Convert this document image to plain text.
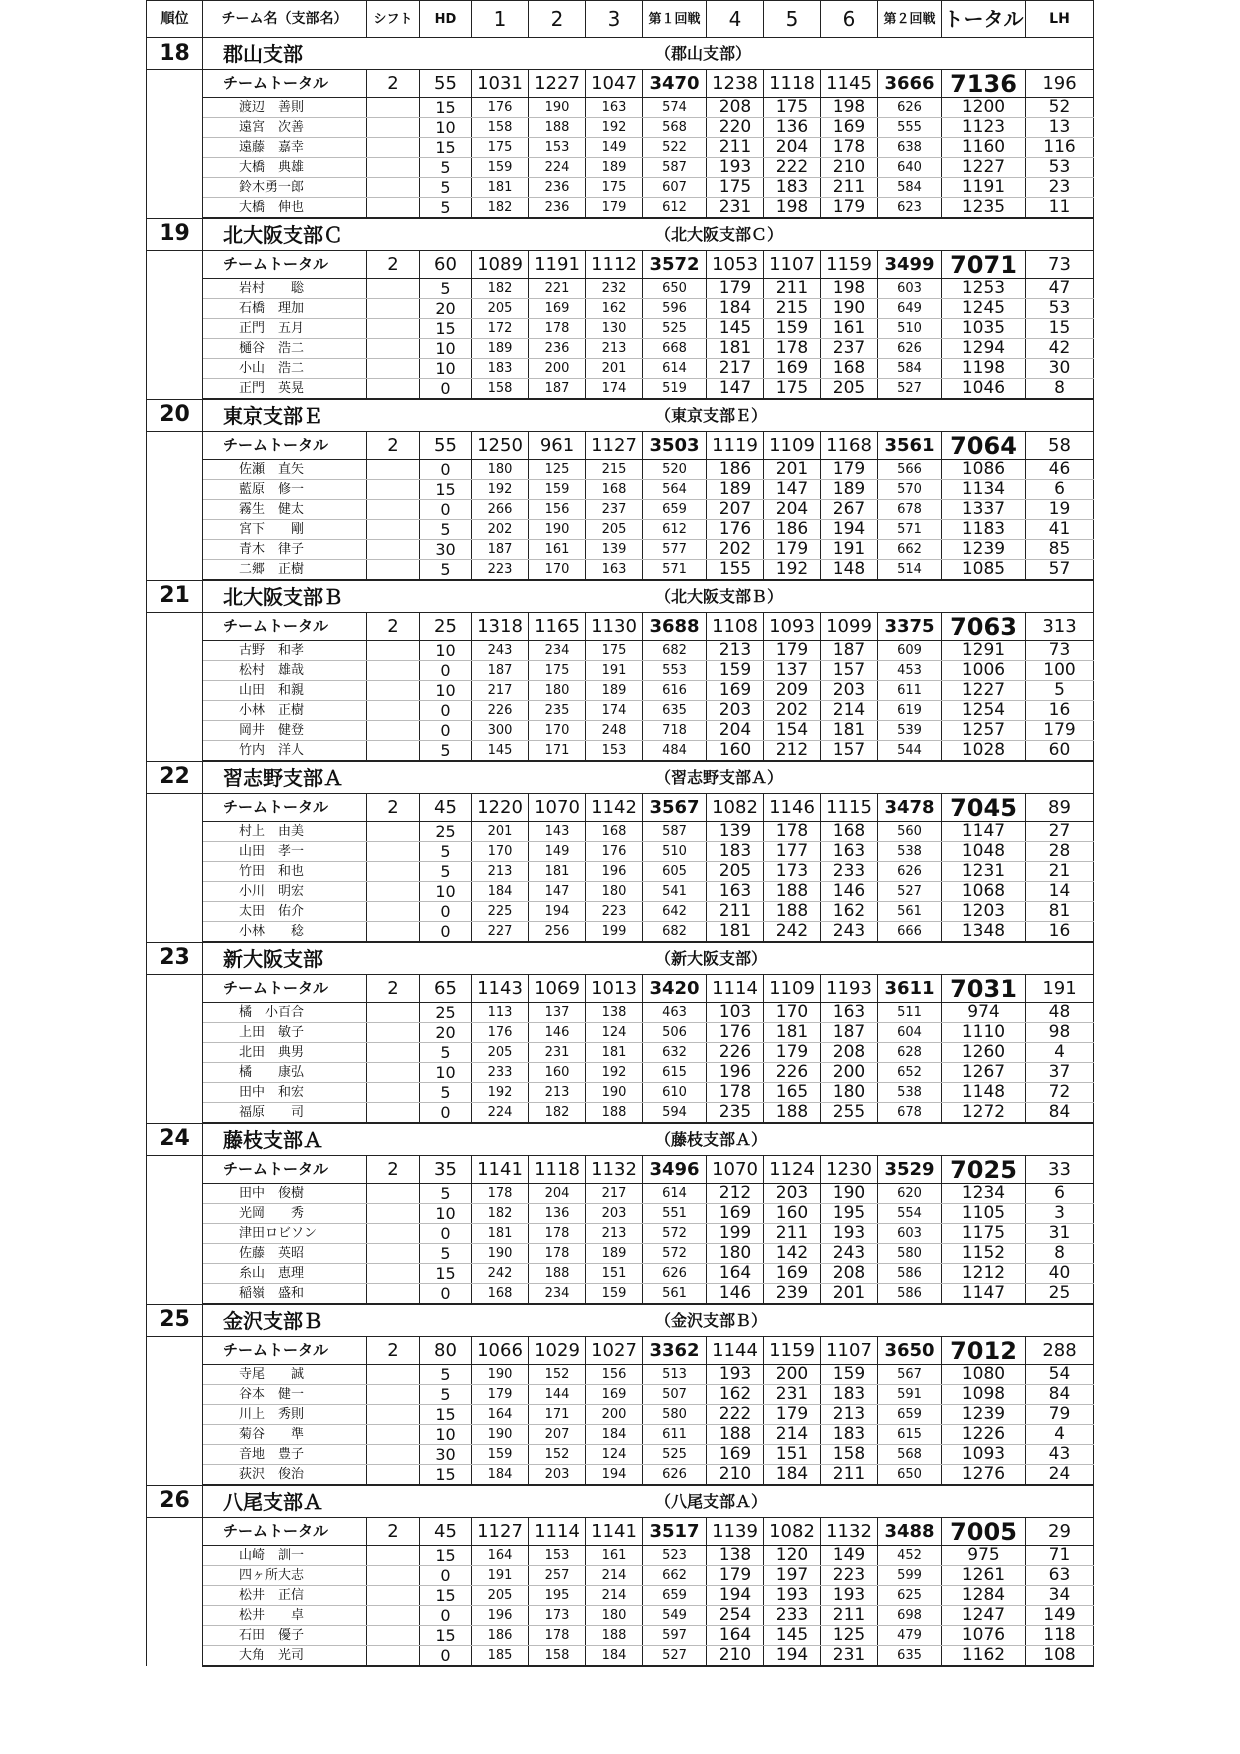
順位	チーム名（支部名）	シフト	HD	1	2	3	第１回戦	4	5	6	第２回戦	トータル	LH
18	郡山支部 （郡山支部）												

	チームトータル	2	55	1031	1227	1047	3470	1238	1118	1145	3666	7136	196
	渡辺　善則		15	176	190	163	574	208	175	198	626	1200	52
	遠宮　次善		10	158	188	192	568	220	136	169	555	1123	13
	遠藤　嘉幸		15	175	153	149	522	211	204	178	638	1160	116
	大橋　典雄		5	159	224	189	587	193	222	210	640	1227	53
	鈴木勇一郎		5	181	236	175	607	175	183	211	584	1191	23
	大橋　伸也		5	182	236	179	612	231	198	179	623	1235	11
19	北大阪支部Ｃ （北大阪支部Ｃ）												

	チームトータル	2	60	1089	1191	1112	3572	1053	1107	1159	3499	7071	73
	岩村　　聡		5	182	221	232	650	179	211	198	603	1253	47
	石橋　理加		20	205	169	162	596	184	215	190	649	1245	53
	正門　五月		15	172	178	130	525	145	159	161	510	1035	15
	樋谷　浩二		10	189	236	213	668	181	178	237	626	1294	42
	小山　浩二		10	183	200	201	614	217	169	168	584	1198	30
	正門　英晃		0	158	187	174	519	147	175	205	527	1046	8
20	東京支部Ｅ （東京支部Ｅ）												

	チームトータル	2	55	1250	961	1127	3503	1119	1109	1168	3561	7064	58
	佐瀬　直矢		0	180	125	215	520	186	201	179	566	1086	46
	藍原　修一		15	192	159	168	564	189	147	189	570	1134	6
	霧生　健太		0	266	156	237	659	207	204	267	678	1337	19
	宮下　　剛		5	202	190	205	612	176	186	194	571	1183	41
	青木　律子		30	187	161	139	577	202	179	191	662	1239	85
	二郷　正樹		5	223	170	163	571	155	192	148	514	1085	57
21	北大阪支部Ｂ （北大阪支部Ｂ）												

	チームトータル	2	25	1318	1165	1130	3688	1108	1093	1099	3375	7063	313
	古野　和孝		10	243	234	175	682	213	179	187	609	1291	73
	松村　雄哉		0	187	175	191	553	159	137	157	453	1006	100
	山田　和親		10	217	180	189	616	169	209	203	611	1227	5
	小林　正樹		0	226	235	174	635	203	202	214	619	1254	16
	岡井　健登		0	300	170	248	718	204	154	181	539	1257	179
	竹内　洋人		5	145	171	153	484	160	212	157	544	1028	60
22	習志野支部Ａ （習志野支部Ａ）												

	チームトータル	2	45	1220	1070	1142	3567	1082	1146	1115	3478	7045	89
	村上　由美		25	201	143	168	587	139	178	168	560	1147	27
	山田　孝一		5	170	149	176	510	183	177	163	538	1048	28
	竹田　和也		5	213	181	196	605	205	173	233	626	1231	21
	小川　明宏		10	184	147	180	541	163	188	146	527	1068	14
	太田　佑介		0	225	194	223	642	211	188	162	561	1203	81
	小林　　稔		0	227	256	199	682	181	242	243	666	1348	16
23	新大阪支部 （新大阪支部）												

	チームトータル	2	65	1143	1069	1013	3420	1114	1109	1193	3611	7031	191
	橘　小百合		25	113	137	138	463	103	170	163	511	974	48
	上田　敏子		20	176	146	124	506	176	181	187	604	1110	98
	北田　典男		5	205	231	181	632	226	179	208	628	1260	4
	橘　　康弘		10	233	160	192	615	196	226	200	652	1267	37
	田中　和宏		5	192	213	190	610	178	165	180	538	1148	72
	福原　　司		0	224	182	188	594	235	188	255	678	1272	84
24	藤枝支部Ａ （藤枝支部Ａ）												

	チームトータル	2	35	1141	1118	1132	3496	1070	1124	1230	3529	7025	33
	田中　俊樹		5	178	204	217	614	212	203	190	620	1234	6
	光岡　　秀		10	182	136	203	551	169	160	195	554	1105	3
	津田ロビソン		0	181	178	213	572	199	211	193	603	1175	31
	佐藤　英昭		5	190	178	189	572	180	142	243	580	1152	8
	糸山　恵理		15	242	188	151	626	164	169	208	586	1212	40
	稲嶺　盛和		0	168	234	159	561	146	239	201	586	1147	25
25	金沢支部Ｂ （金沢支部Ｂ）												

	チームトータル	2	80	1066	1029	1027	3362	1144	1159	1107	3650	7012	288
	寺尾　　誠		5	190	152	156	513	193	200	159	567	1080	54
	谷本　健一		5	179	144	169	507	162	231	183	591	1098	84
	川上　秀則		15	164	171	200	580	222	179	213	659	1239	79
	菊谷　　準		10	190	207	184	611	188	214	183	615	1226	4
	音地　豊子		30	159	152	124	525	169	151	158	568	1093	43
	荻沢　俊治		15	184	203	194	626	210	184	211	650	1276	24
26	八尾支部Ａ （八尾支部Ａ）												

	チームトータル	2	45	1127	1114	1141	3517	1139	1082	1132	3488	7005	29
	山崎　訓一		15	164	153	161	523	138	120	149	452	975	71
	四ヶ所大志		0	191	257	214	662	179	197	223	599	1261	63
	松井　正信		15	205	195	214	659	194	193	193	625	1284	34
	松井　　卓		0	196	173	180	549	254	233	211	698	1247	149
	石田　優子		15	186	178	188	597	164	145	125	479	1076	118
	大角　光司		0	185	158	184	527	210	194	231	635	1162	108
